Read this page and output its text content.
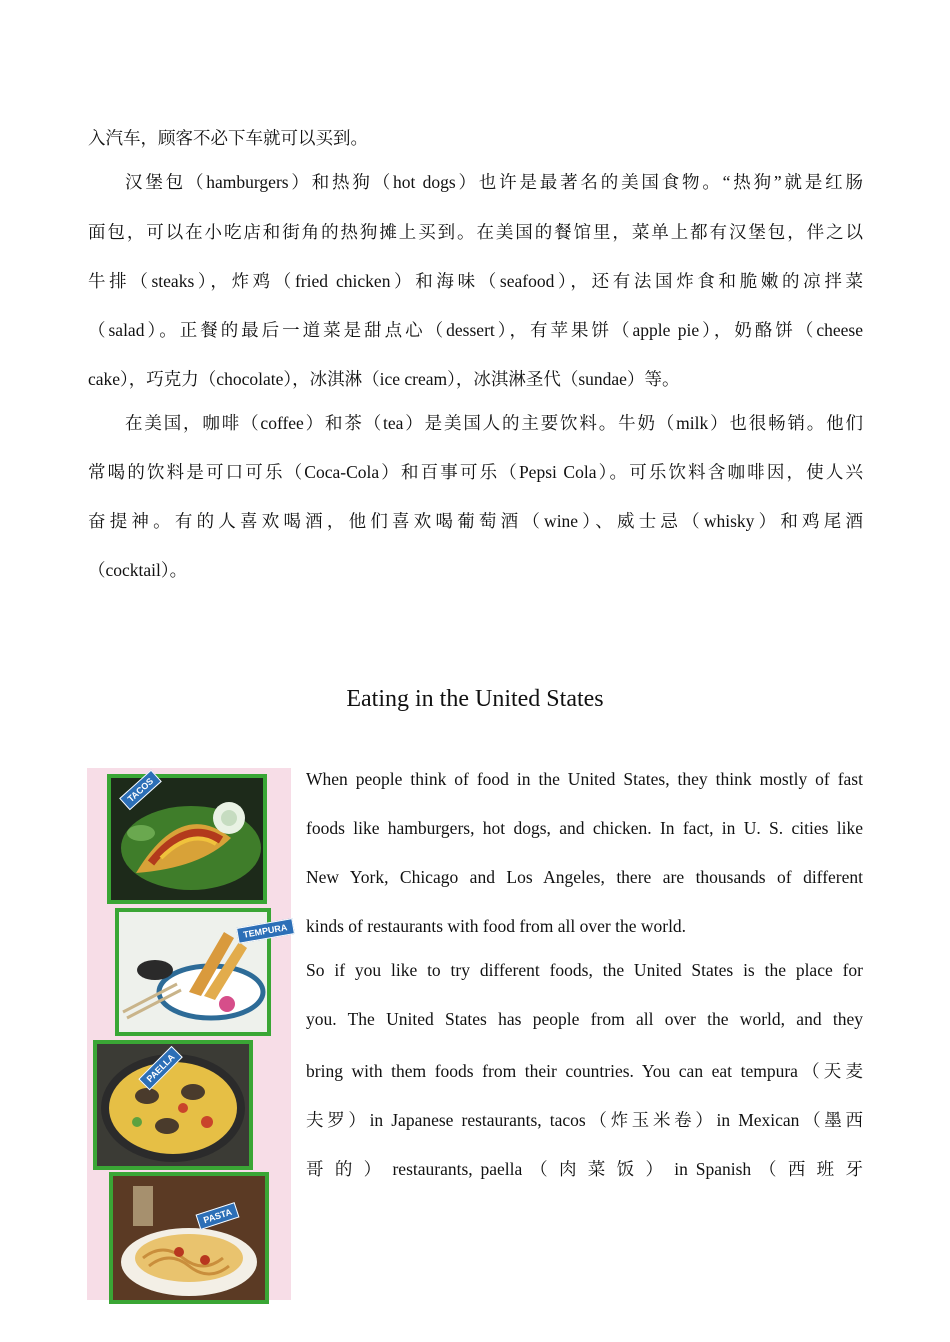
入汽车，顾客不必下车就可以买到。
汉堡包（hamburgers）和热狗（hot dogs）也许是最著名的美国食物。“热狗”就是红肠
面包，可以在小吃店和街角的热狗摊上买到。在美国的餐馆里，菜单上都有汉堡包，伴之以
牛排（steaks），炸鸡（fried chicken）和海味（seafood），还有法国炸食和脆嫩的凉拌菜
（salad）。正餐的最后一道菜是甜点心（dessert），有苹果饼（apple pie），奶酪饼（cheese
cake），巧克力（chocolate），冰淇淋（ice cream），冰淇淋圣代（sundae）等。
在美国，咖啡（coffee）和茶（tea）是美国人的主要饮料。牛奶（milk）也很畅销。他们
常喝的饮料是可口可乐（Coca-Cola）和百事可乐（Pepsi Cola）。可乐饮料含咖啡因，使人兴
奋提神。有的人喜欢喝酒，他们喜欢喝葡萄酒（wine）、威士忌（whisky）和鸡尾酒
（cocktail）。
Eating in the United States
TACOS
TEMPURA
PAELLA
PASTA
When people think of food in the United States, they think mostly of fast
foods like hamburgers, hot dogs, and chicken. In fact, in U. S. cities like
New York, Chicago and Los Angeles, there are thousands of different
kinds of restaurants with food from all over the world.
So if you like to try different foods, the United States is the place for
you. The United States has people from all over the world, and they
bring with them foods from their countries. You can eat tempura（天麦
夫罗）in Japanese restaurants, tacos（炸玉米卷）in Mexican（墨西
哥 的 ） restaurants, paella （ 肉 菜 饭 ） in Spanish （ 西 班 牙
